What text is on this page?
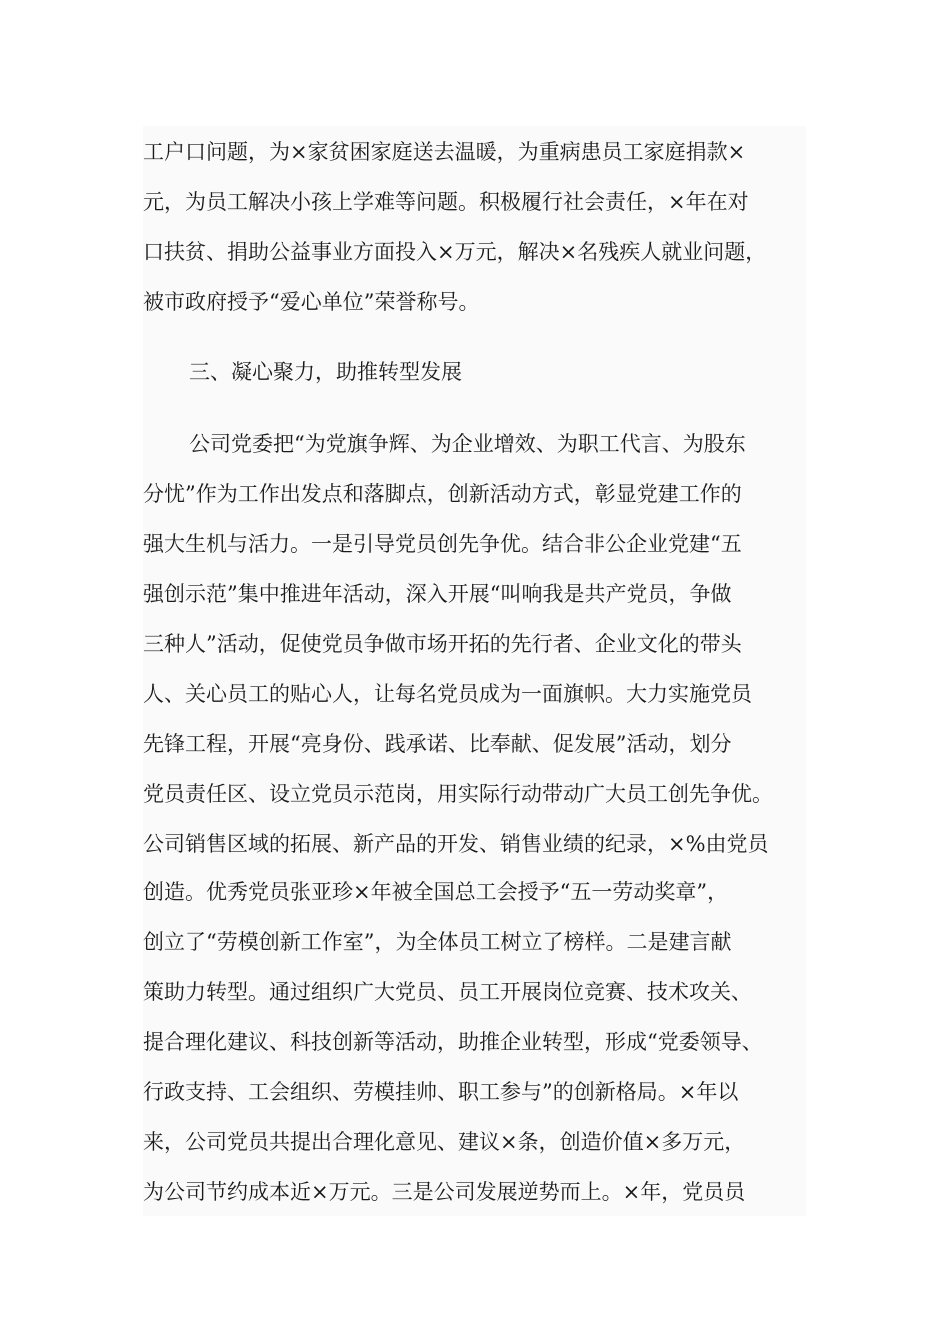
工户口问题，为×家贫困家庭送去温暖，为重病患员工家庭捐款×
元，为员工解决小孩上学难等问题。积极履行社会责任，×年在对
口扶贫、捐助公益事业方面投入×万元，解决×名残疾人就业问题，
被市政府授予“爱心单位”荣誉称号。
三、凝心聚力，助推转型发展
公司党委把“为党旗争辉、为企业增效、为职工代言、为股东
分忧”作为工作出发点和落脚点，创新活动方式，彰显党建工作的
强大生机与活力。一是引导党员创先争优。结合非公企业党建“五
强创示范”集中推进年活动，深入开展“叫响我是共产党员，争做
三种人”活动，促使党员争做市场开拓的先行者、企业文化的带头
人、关心员工的贴心人，让每名党员成为一面旗帜。大力实施党员
先锋工程，开展“亮身份、践承诺、比奉献、促发展”活动，划分
党员责任区、设立党员示范岗，用实际行动带动广大员工创先争优。
公司销售区域的拓展、新产品的开发、销售业绩的纪录，×%由党员
创造。优秀党员张亚珍×年被全国总工会授予“五一劳动奖章”，
创立了“劳模创新工作室”，为全体员工树立了榜样。二是建言献
策助力转型。通过组织广大党员、员工开展岗位竞赛、技术攻关、
提合理化建议、科技创新等活动，助推企业转型，形成“党委领导、
行政支持、工会组织、劳模挂帅、职工参与”的创新格局。×年以
来，公司党员共提出合理化意见、建议×条，创造价值×多万元，
为公司节约成本近×万元。三是公司发展逆势而上。×年，党员员
